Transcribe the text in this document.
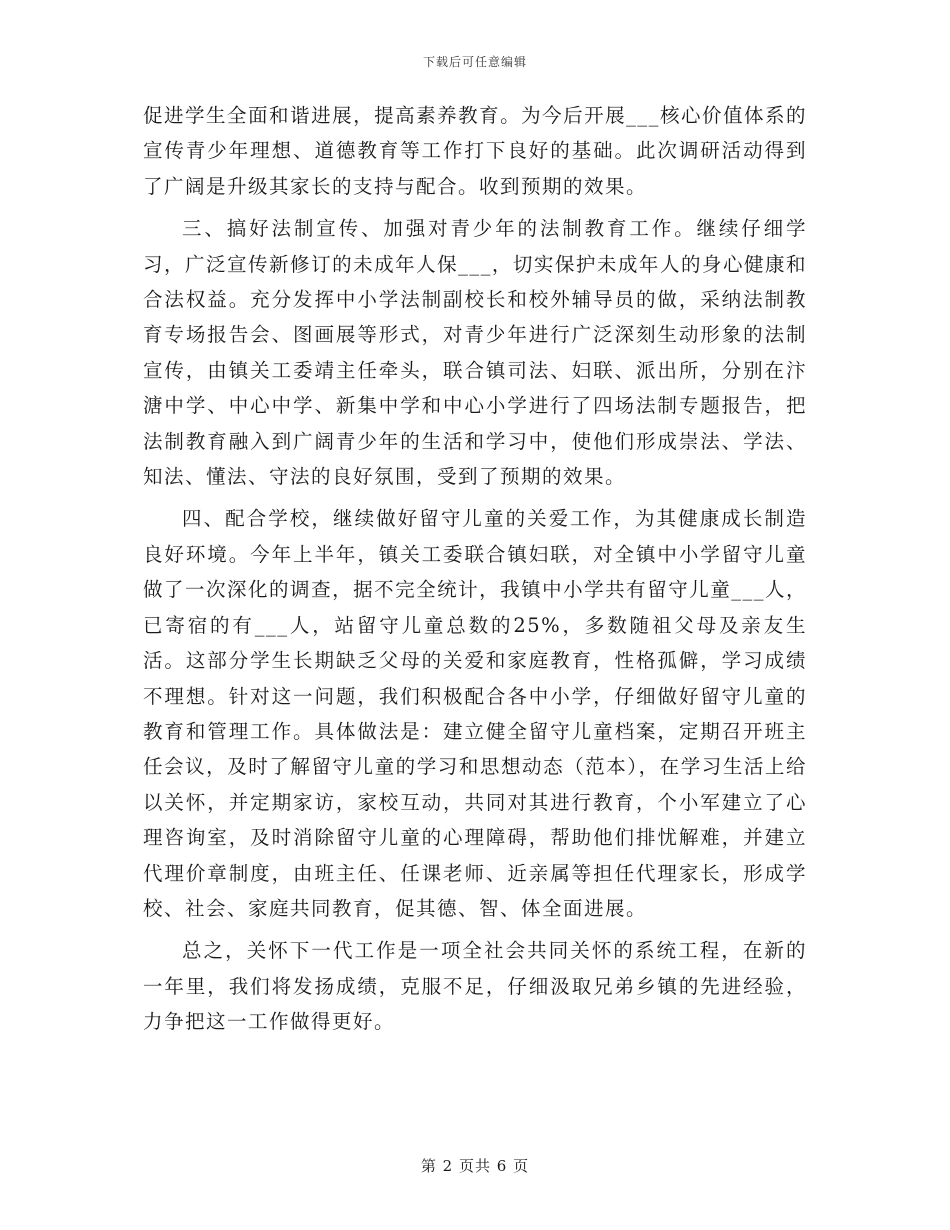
下载后可任意编辑

促进学生全面和谐进展，提高素养教育。为今后开展___核心价值体系的宣传青少年理想、道德教育等工作打下良好的基础。此次调研活动得到了广阔是升级其家长的支持与配合。收到预期的效果。

三、搞好法制宣传、加强对青少年的法制教育工作。继续仔细学习，广泛宣传新修订的未成年人保___，切实保护未成年人的身心健康和合法权益。充分发挥中小学法制副校长和校外辅导员的做，采纳法制教育专场报告会、图画展等形式，对青少年进行广泛深刻生动形象的法制宣传，由镇关工委靖主任牵头，联合镇司法、妇联、派出所，分别在汴溏中学、中心中学、新集中学和中心小学进行了四场法制专题报告，把法制教育融入到广阔青少年的生活和学习中，使他们形成崇法、学法、知法、懂法、守法的良好氛围，受到了预期的效果。

四、配合学校，继续做好留守儿童的关爱工作，为其健康成长制造良好环境。今年上半年，镇关工委联合镇妇联，对全镇中小学留守儿童做了一次深化的调查，据不完全统计，我镇中小学共有留守儿童___人，已寄宿的有___人，站留守儿童总数的25%，多数随祖父母及亲友生活。这部分学生长期缺乏父母的关爱和家庭教育，性格孤僻，学习成绩不理想。针对这一问题，我们积极配合各中小学，仔细做好留守儿童的教育和管理工作。具体做法是：建立健全留守儿童档案，定期召开班主任会议，及时了解留守儿童的学习和思想动态（范本），在学习生活上给以关怀，并定期家访，家校互动，共同对其进行教育，个小军建立了心理咨询室，及时消除留守儿童的心理障碍，帮助他们排忧解难，并建立代理价章制度，由班主任、任课老师、近亲属等担任代理家长，形成学校、社会、家庭共同教育，促其德、智、体全面进展。

总之，关怀下一代工作是一项全社会共同关怀的系统工程，在新的一年里，我们将发扬成绩，克服不足，仔细汲取兄弟乡镇的先进经验，力争把这一工作做得更好。

第 2 页共 6 页
